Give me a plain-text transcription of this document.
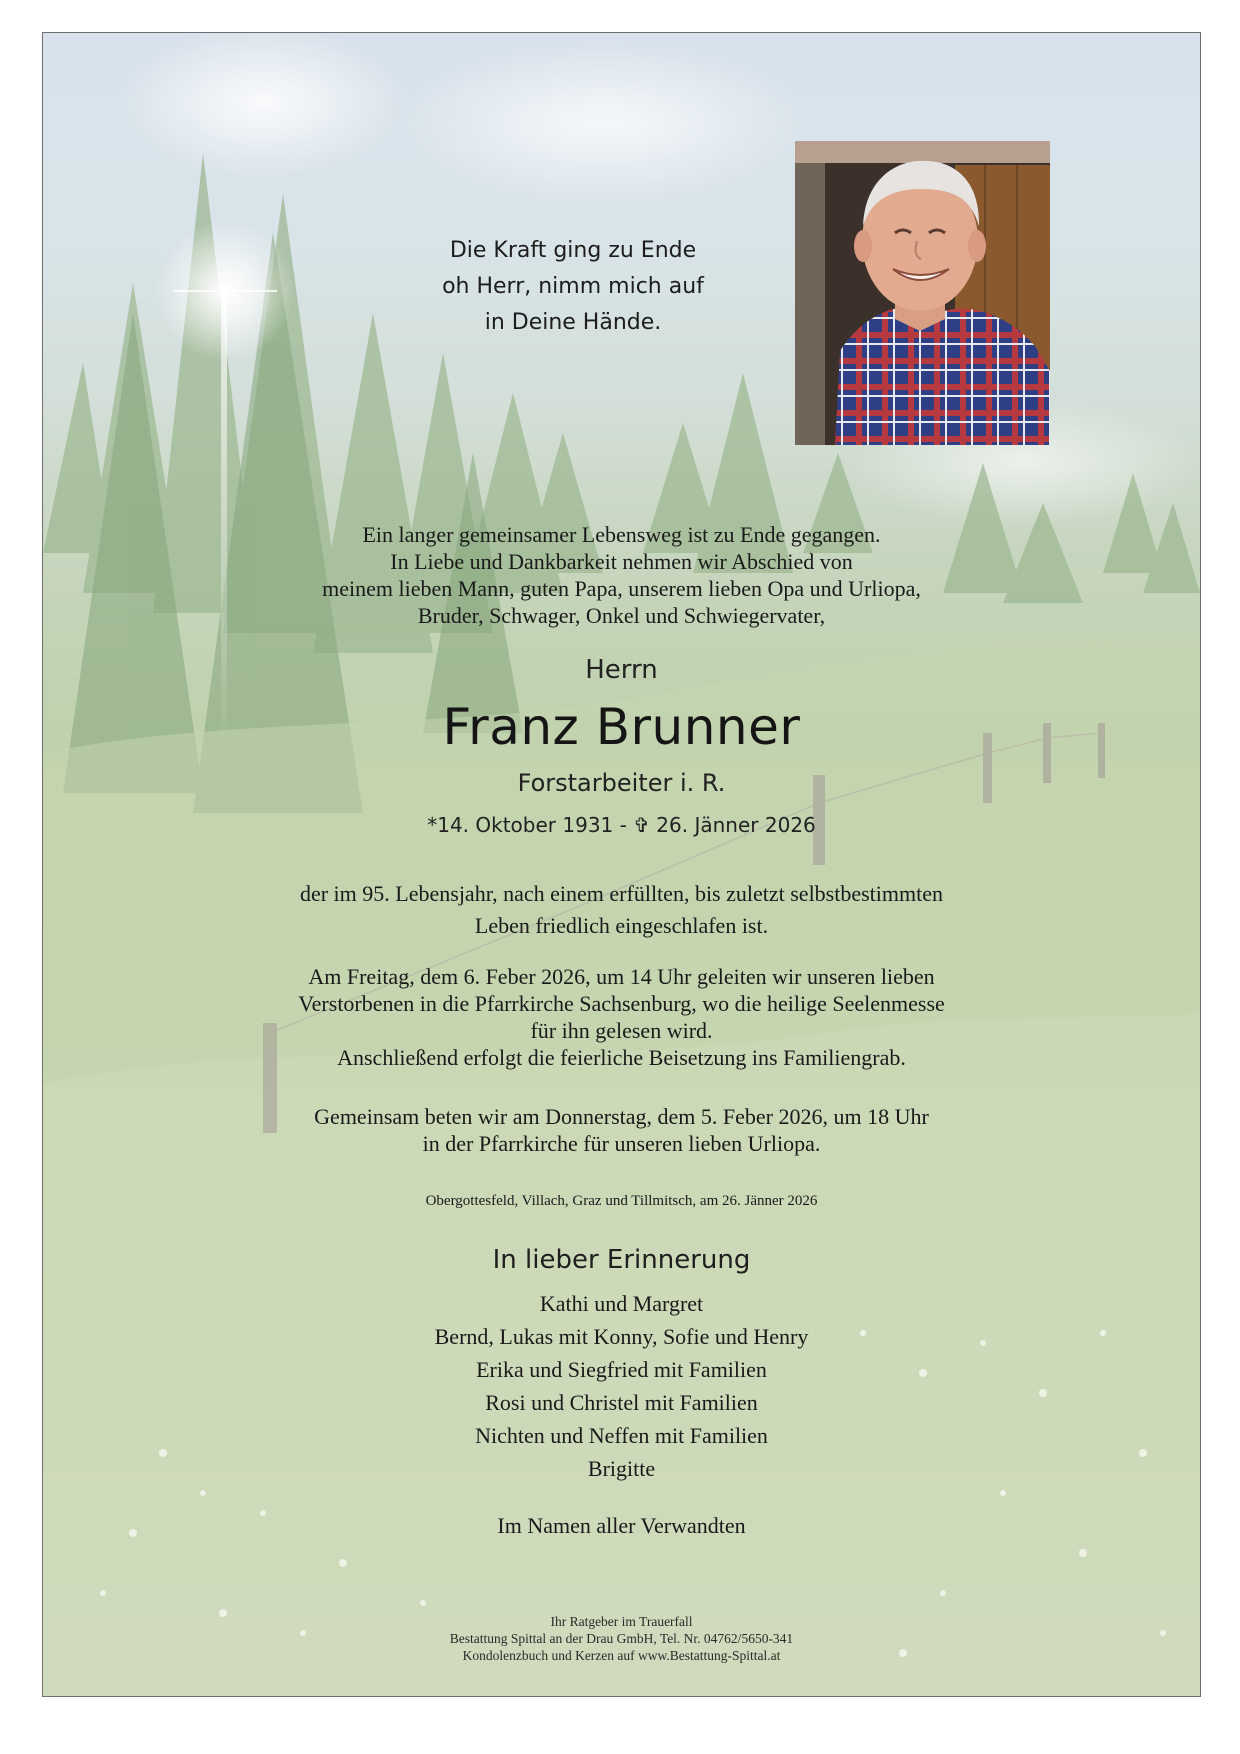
Die Kraft ging zu Ende
oh Herr, nimm mich auf
in Deine Hände.
Ein langer gemeinsamer Lebensweg ist zu Ende gegangen.
In Liebe und Dankbarkeit nehmen wir Abschied von
meinem lieben Mann, guten Papa, unserem lieben Opa und Urliopa,
Bruder, Schwager, Onkel und Schwiegervater,
Herrn
Franz Brunner
Forstarbeiter i. R.
*14. Oktober 1931 - ✞ 26. Jänner 2026
der im 95. Lebensjahr, nach einem erfüllten, bis zuletzt selbstbestimmten
Leben friedlich eingeschlafen ist.
Am Freitag, dem 6. Feber 2026, um 14 Uhr geleiten wir unseren lieben
Verstorbenen in die Pfarrkirche Sachsenburg, wo die heilige Seelenmesse
für ihn gelesen wird.
Anschließend erfolgt die feierliche Beisetzung ins Familiengrab.
Gemeinsam beten wir am Donnerstag, dem 5. Feber 2026, um 18 Uhr
in der Pfarrkirche für unseren lieben Urliopa.
Obergottesfeld, Villach, Graz und Tillmitsch, am 26. Jänner 2026
In lieber Erinnerung
Kathi und Margret
Bernd, Lukas mit Konny, Sofie und Henry
Erika und Siegfried mit Familien
Rosi und Christel mit Familien
Nichten und Neffen mit Familien
Brigitte
Im Namen aller Verwandten
Ihr Ratgeber im Trauerfall
Bestattung Spittal an der Drau GmbH, Tel. Nr. 04762/5650-341
Kondolenzbuch und Kerzen auf www.Bestattung-Spittal.at
